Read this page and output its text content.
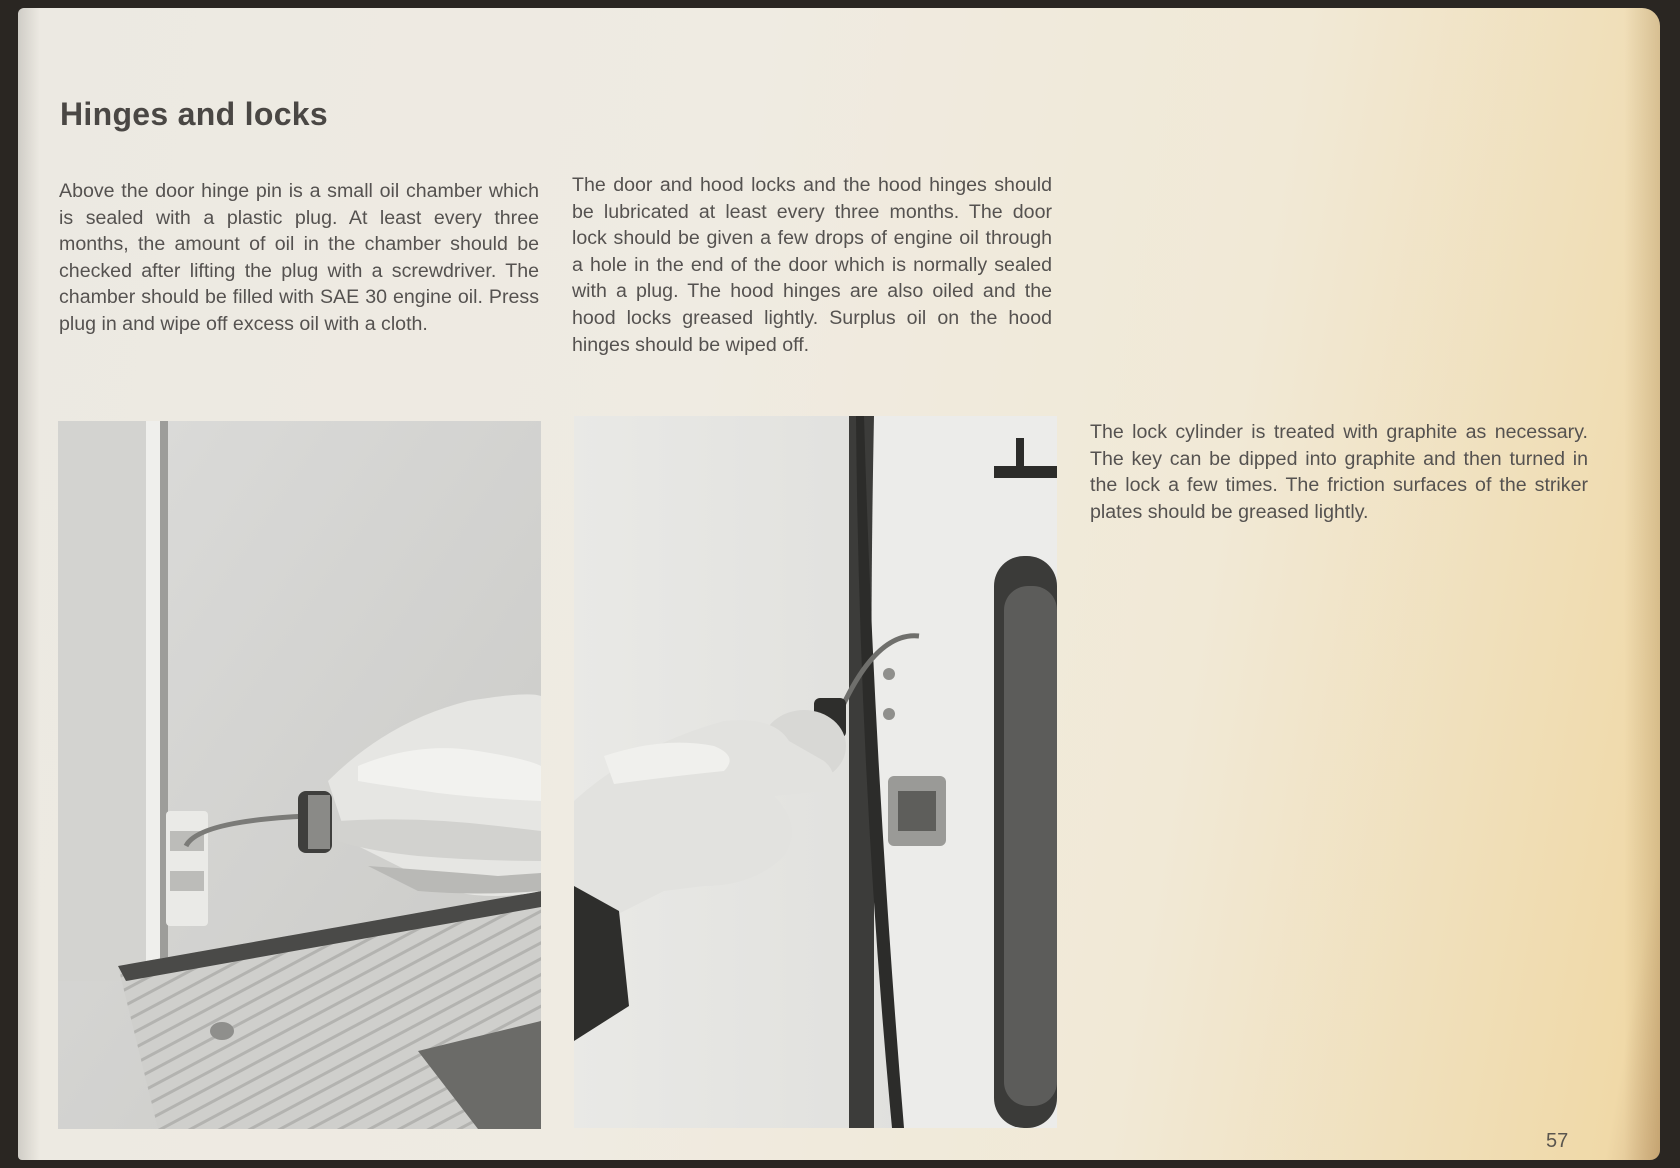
Hinges and locks

Above the door hinge pin is a small oil chamber which is sealed with a plastic plug. At least every three months, the amount of oil in the chamber should be checked after lifting the plug with a screwdriver. The chamber should be filled with SAE 30 engine oil. Press plug in and wipe off excess oil with a cloth.

The door and hood locks and the hood hinges should be lubricated at least every three months. The door lock should be given a few drops of engine oil through a hole in the end of the door which is normally sealed with a plug. The hood hinges are also oiled and the hood locks greased lightly. Surplus oil on the hood hinges should be wiped off.

The lock cylinder is treated with graphite as necessary. The key can be dipped into graphite and then turned in the lock a few times. The friction surfaces of the striker plates should be greased lightly.

57
